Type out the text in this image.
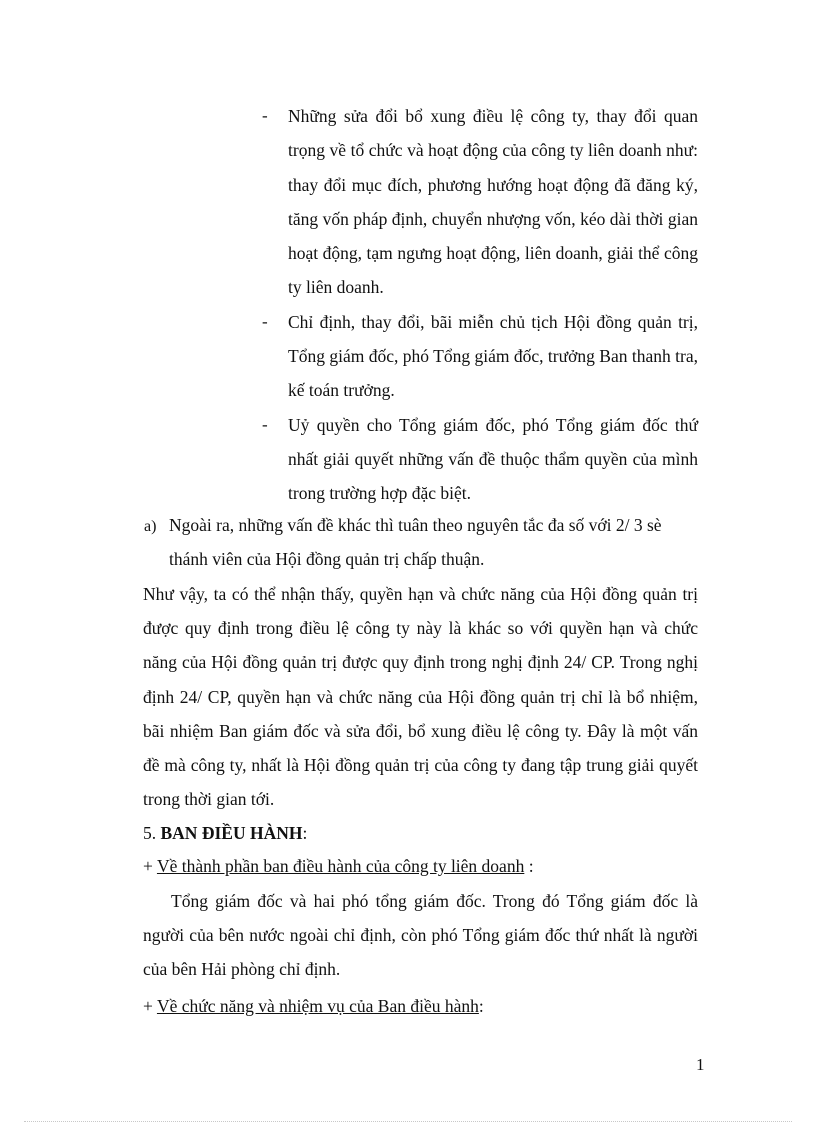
- Những sửa đổi bổ xung điều lệ công ty, thay đổi quan trọng về tổ chức và hoạt động của công ty liên doanh như: thay đổi mục đích, phương hướng hoạt động đã đăng ký, tăng vốn pháp định, chuyển nhượng vốn, kéo dài thời gian hoạt động, tạm ngưng hoạt động, liên doanh, giải thể công ty liên doanh.
- Chỉ định, thay đổi, bãi miễn chủ tịch Hội đồng quản trị, Tổng giám đốc, phó Tổng giám đốc, trưởng Ban thanh tra, kế toán trưởng.
- Uỷ quyền cho Tổng giám đốc, phó Tổng giám đốc thứ nhất giải quyết những vấn đề thuộc thẩm quyền của mình trong trường hợp đặc biệt.
a) Ngoài ra, những vấn đề khác thì tuân theo nguyên tắc đa số với 2/ 3 sè thánh viên của Hội đồng quản trị chấp thuận.
Như vậy, ta có thể nhận thấy, quyền hạn và chức năng của Hội đồng quản trị được quy định trong điều lệ công ty này là khác so với quyền hạn và chức năng của Hội đồng quản trị được quy định trong nghị định 24/ CP. Trong nghị định 24/ CP, quyền hạn và chức năng của Hội đồng quản trị chỉ là bổ nhiệm, bãi nhiệm Ban giám đốc và sửa đổi, bổ xung điều lệ công ty. Đây là một vấn đề mà công ty, nhất là Hội đồng quản trị của công ty đang tập trung giải quyết trong thời gian tới.
5. BAN ĐIỀU HÀNH:
+ Về thành phần ban điều hành của công ty liên doanh :
Tổng giám đốc và hai phó tổng giám đốc. Trong đó Tổng giám đốc là người của bên nước ngoài chỉ định, còn phó Tổng giám đốc thứ nhất là người của bên Hải phòng chỉ định.
+ Về chức năng và nhiệm vụ của Ban điều hành:
1
